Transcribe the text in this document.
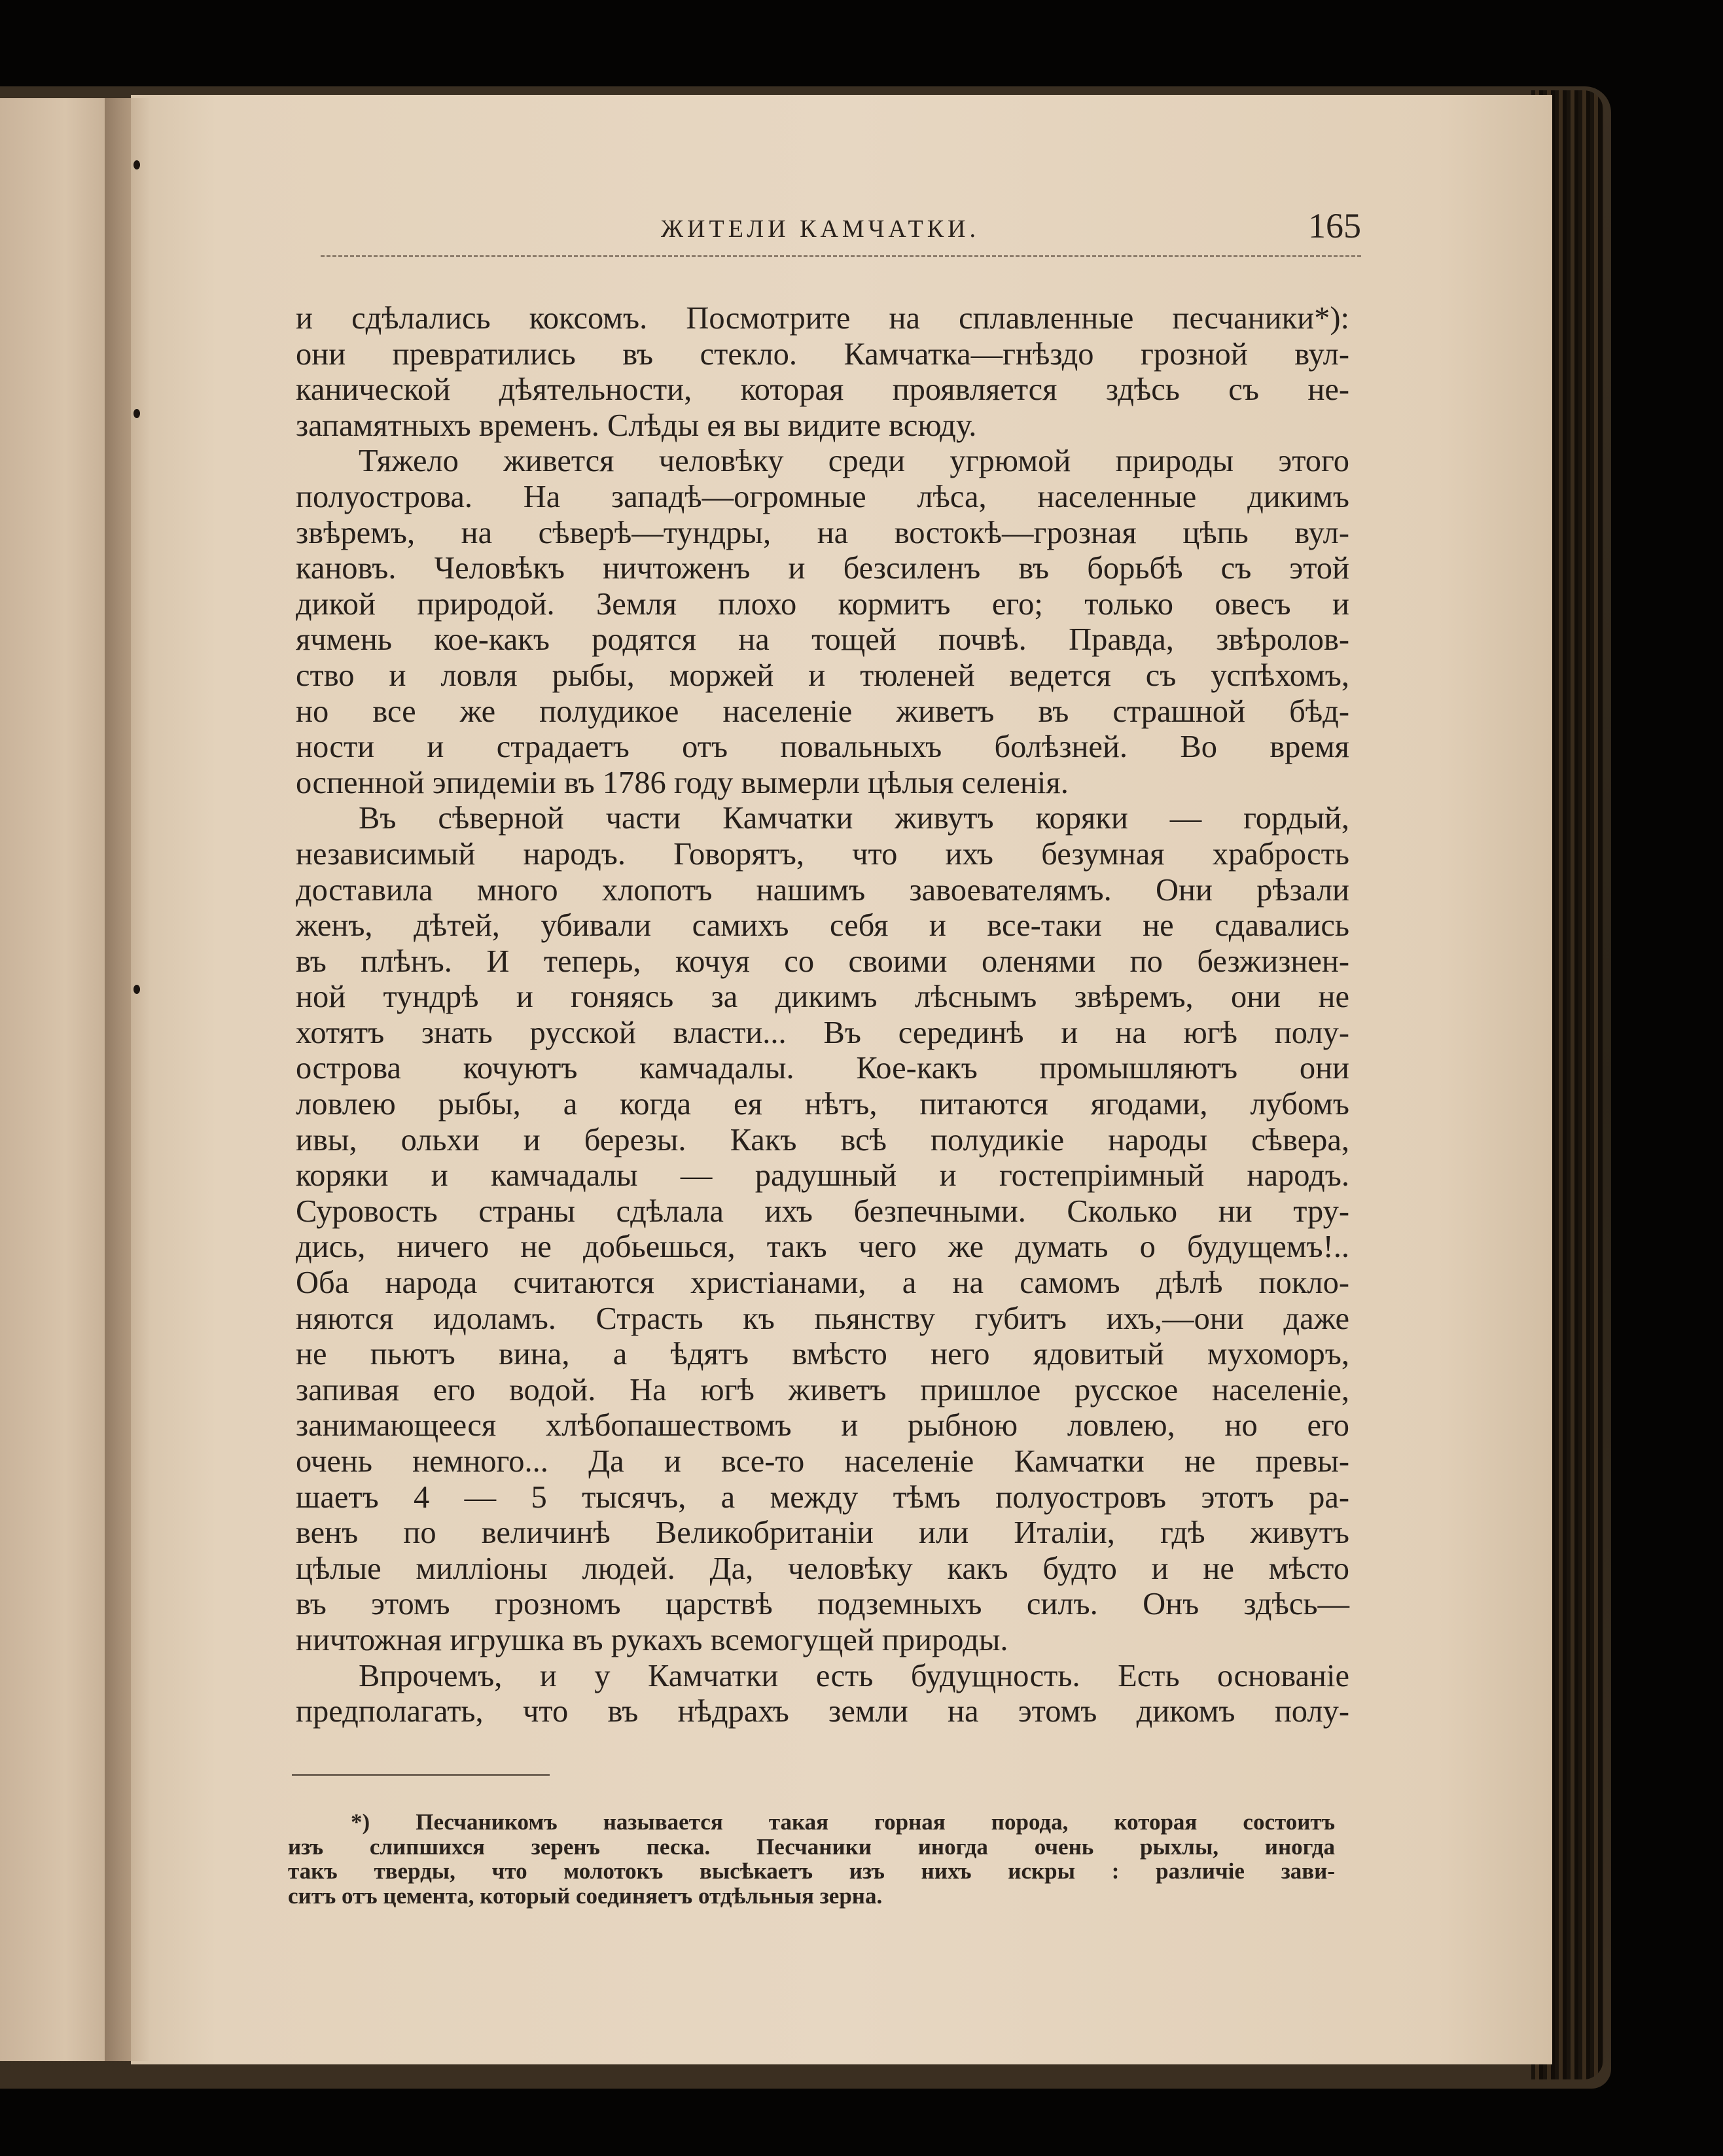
ЖИТЕЛИ КАМЧАТКИ.	165
и сдѣлались коксомъ. Посмотрите на сплавленные песчаники*):
они превратились въ стекло. Камчатка—гнѣздо грозной вул-
канической дѣятельности, которая проявляется здѣсь съ не-
запамятныхъ временъ. Слѣды ея вы видите всюду.
Тяжело живется человѣку среди угрюмой природы этого
полуострова. На западѣ—огромные лѣса, населенные дикимъ
звѣремъ, на сѣверѣ—тундры, на востокѣ—грозная цѣпь вул-
кановъ. Человѣкъ ничтоженъ и безсиленъ въ борьбѣ съ этой
дикой природой. Земля плохо кормитъ его; только овесъ и
ячмень кое-какъ родятся на тощей почвѣ. Правда, звѣролов-
ство и ловля рыбы, моржей и тюленей ведется съ успѣхомъ,
но все же полудикое населеніе живетъ въ страшной бѣд-
ности и страдаетъ отъ повальныхъ болѣзней. Во время
оспенной эпидеміи въ 1786 году вымерли цѣлыя селенія.
Въ сѣверной части Камчатки живутъ коряки — гордый,
независимый народъ. Говорятъ, что ихъ безумная храбрость
доставила много хлопотъ нашимъ завоевателямъ. Они рѣзали
женъ, дѣтей, убивали самихъ себя и все-таки не сдавались
въ плѣнъ. И теперь, кочуя со своими оленями по безжизнен-
ной тундрѣ и гоняясь за дикимъ лѣснымъ звѣремъ, они не
хотятъ знать русской власти... Въ серединѣ и на югѣ полу-
острова кочуютъ камчадалы. Кое-какъ промышляютъ они
ловлею рыбы, а когда ея нѣтъ, питаются ягодами, лубомъ
ивы, ольхи и березы. Какъ всѣ полудикіе народы сѣвера,
коряки и камчадалы — радушный и гостепріимный народъ.
Суровость страны сдѣлала ихъ безпечными. Сколько ни тру-
дись, ничего не добьешься, такъ чего же думать о будущемъ!..
Оба народа считаются христіанами, а на самомъ дѣлѣ покло-
няются идоламъ. Страсть къ пьянству губитъ ихъ,—они даже
не пьютъ вина, а ѣдятъ вмѣсто него ядовитый мухоморъ,
запивая его водой. На югѣ живетъ пришлое русское населеніе,
занимающееся хлѣбопашествомъ и рыбною ловлею, но его
очень немного... Да и все-то населеніе Камчатки не превы-
шаетъ 4 — 5 тысячъ, а между тѣмъ полуостровъ этотъ ра-
венъ по величинѣ Великобританіи или Италіи, гдѣ живутъ
цѣлые милліоны людей. Да, человѣку какъ будто и не мѣсто
въ этомъ грозномъ царствѣ подземныхъ силъ. Онъ здѣсь—
ничтожная игрушка въ рукахъ всемогущей природы.
Впрочемъ, и у Камчатки есть будущность. Есть основаніе
предполагать, что въ нѣдрахъ земли на этомъ дикомъ полу-
*) Песчаникомъ называется такая горная порода, которая состоитъ
изъ слипшихся зеренъ песка. Песчаники иногда очень рыхлы, иногда
такъ тверды, что молотокъ высѣкаетъ изъ нихъ искры : различіе зави-
ситъ отъ цемента, который соединяетъ отдѣльныя зерна.
